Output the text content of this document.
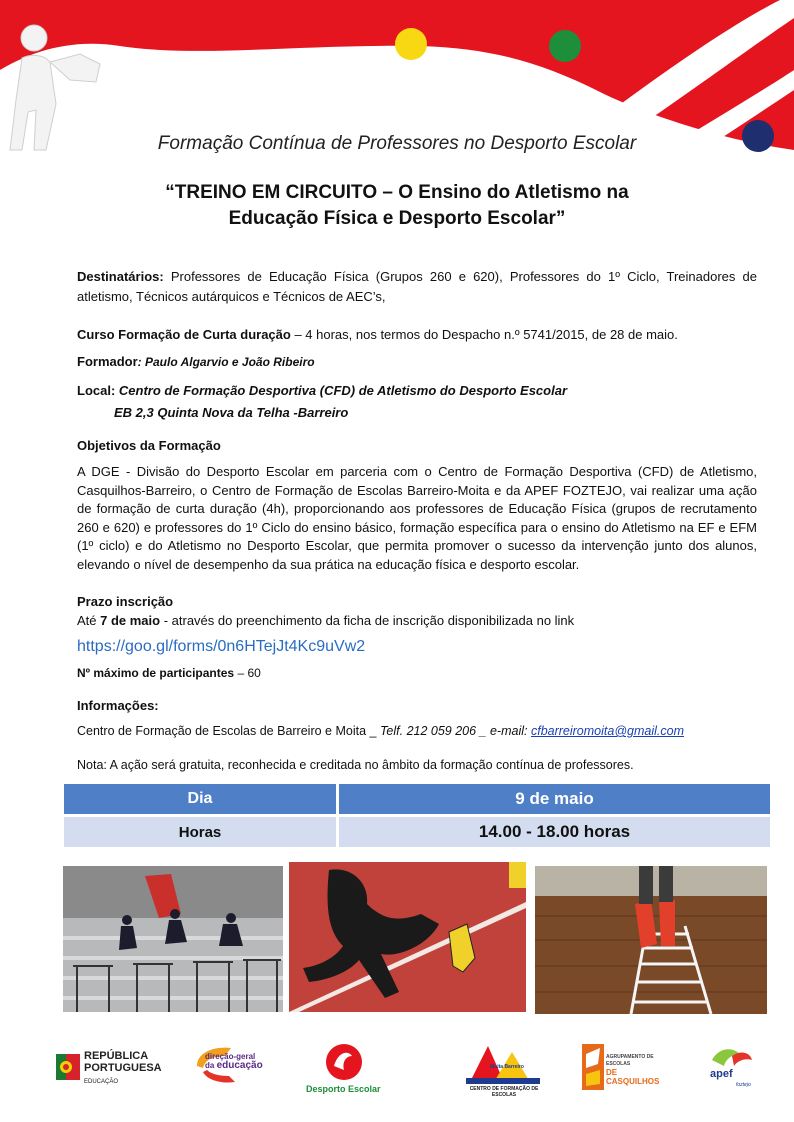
Formação Contínua de Professores no Desporto Escolar
“TREINO EM CIRCUITO – O Ensino do Atletismo na
Educação Física e Desporto Escolar”
Destinatários: Professores de Educação Física (Grupos 260 e 620), Professores do 1º Ciclo, Treinadores de atletismo, Técnicos autárquicos e Técnicos de AEC’s,
Curso Formação de Curta duração – 4 horas, nos termos do Despacho n.º 5741/2015, de 28 de maio.
Formador: Paulo Algarvio e João Ribeiro
Local: Centro de Formação Desportiva (CFD) de Atletismo do Desporto Escolar
EB 2,3 Quinta Nova da Telha -Barreiro
Objetivos da Formação
A DGE - Divisão do Desporto Escolar em parceria com o Centro de Formação Desportiva (CFD) de Atletismo, Casquilhos-Barreiro, o Centro de Formação de Escolas Barreiro-Moita e da APEF FOZTEJO, vai realizar uma ação de formação de curta duração (4h), proporcionando aos professores de Educação Física (grupos de recrutamento 260 e 620) e professores do 1º Ciclo do ensino básico, formação específica para o ensino do Atletismo na EF e EFM (1º ciclo) e do Atletismo no Desporto Escolar, que permita promover o sucesso da intervenção junto dos alunos, elevando o nível de desempenho da sua prática na educação física e desporto escolar.
Prazo inscrição
Até 7 de maio - através do preenchimento da ficha de inscrição disponibilizada no link
https://goo.gl/forms/0n6HTejJt4Kc9uVw2
Nº máximo de participantes – 60
Informações:
Centro de Formação de Escolas de Barreiro e Moita _ Telf. 212 059 206 _ e-mail: cfbarreiromoita@gmail.com
Nota: A ação será gratuita, reconhecida e creditada no âmbito da formação contínua de professores.
Dia	9 de maio
Horas	14.00 - 18.00 horas
REPÚBLICA
PORTUGUESA
EDUCAÇÃO
direção-geral
da educação
Desporto Escolar
Moita Barreiro
CENTRO DE FORMAÇÃO DE ESCOLAS
AGRUPAMENTO DE ESCOLAS
DE CASQUILHOS
apef
foztejo
